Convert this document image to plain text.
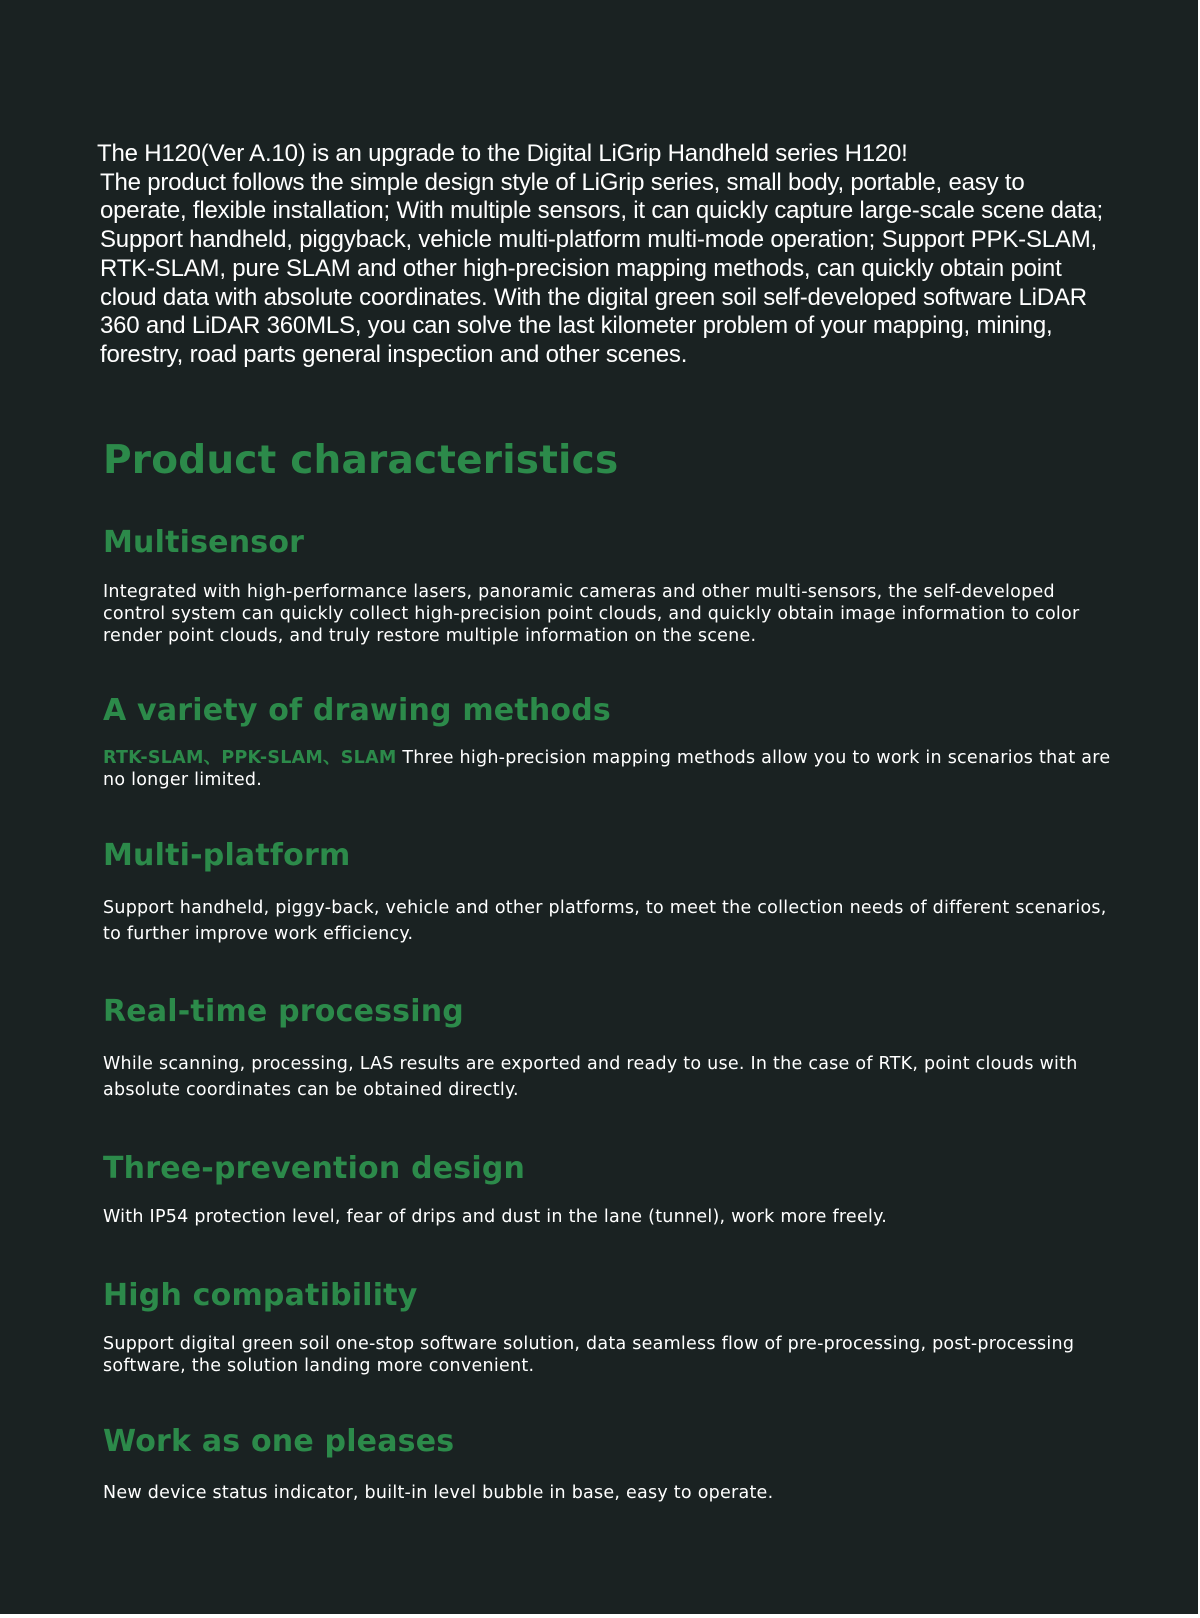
The H120(Ver A.10) is an upgrade to the Digital LiGrip Handheld series H120!
The product follows the simple design style of LiGrip series, small body, portable, easy to operate, flexible installation; With multiple sensors, it can quickly capture large-scale scene data; Support handheld, piggyback, vehicle multi-platform multi-mode operation; Support PPK-SLAM, RTK-SLAM, pure SLAM and other high-precision mapping methods, can quickly obtain point cloud data with absolute coordinates. With the digital green soil self-developed software LiDAR 360 and LiDAR 360MLS, you can solve the last kilometer problem of your mapping, mining, forestry, road parts general inspection and other scenes.

Product characteristics
Multisensor

Integrated with high-performance lasers, panoramic cameras and other multi-sensors, the self-developed control system can quickly collect high-precision point clouds, and quickly obtain image information to color render point clouds, and truly restore multiple information on the scene.

A variety of drawing methods

RTK-SLAM、PPK-SLAM、SLAM Three high-precision mapping methods allow you to work in scenarios that are no longer limited.

Multi-platform

Support handheld, piggy-back, vehicle and other platforms, to meet the collection needs of different scenarios, to further improve work efficiency.

Real-time processing

While scanning, processing, LAS results are exported and ready to use. In the case of RTK, point clouds with absolute coordinates can be obtained directly.

Three-prevention design

With IP54 protection level, fear of drips and dust in the lane (tunnel), work more freely.

High compatibility

Support digital green soil one-stop software solution, data seamless flow of pre-processing, post-processing software, the solution landing more convenient.

Work as one pleases

New device status indicator, built-in level bubble in base, easy to operate.
